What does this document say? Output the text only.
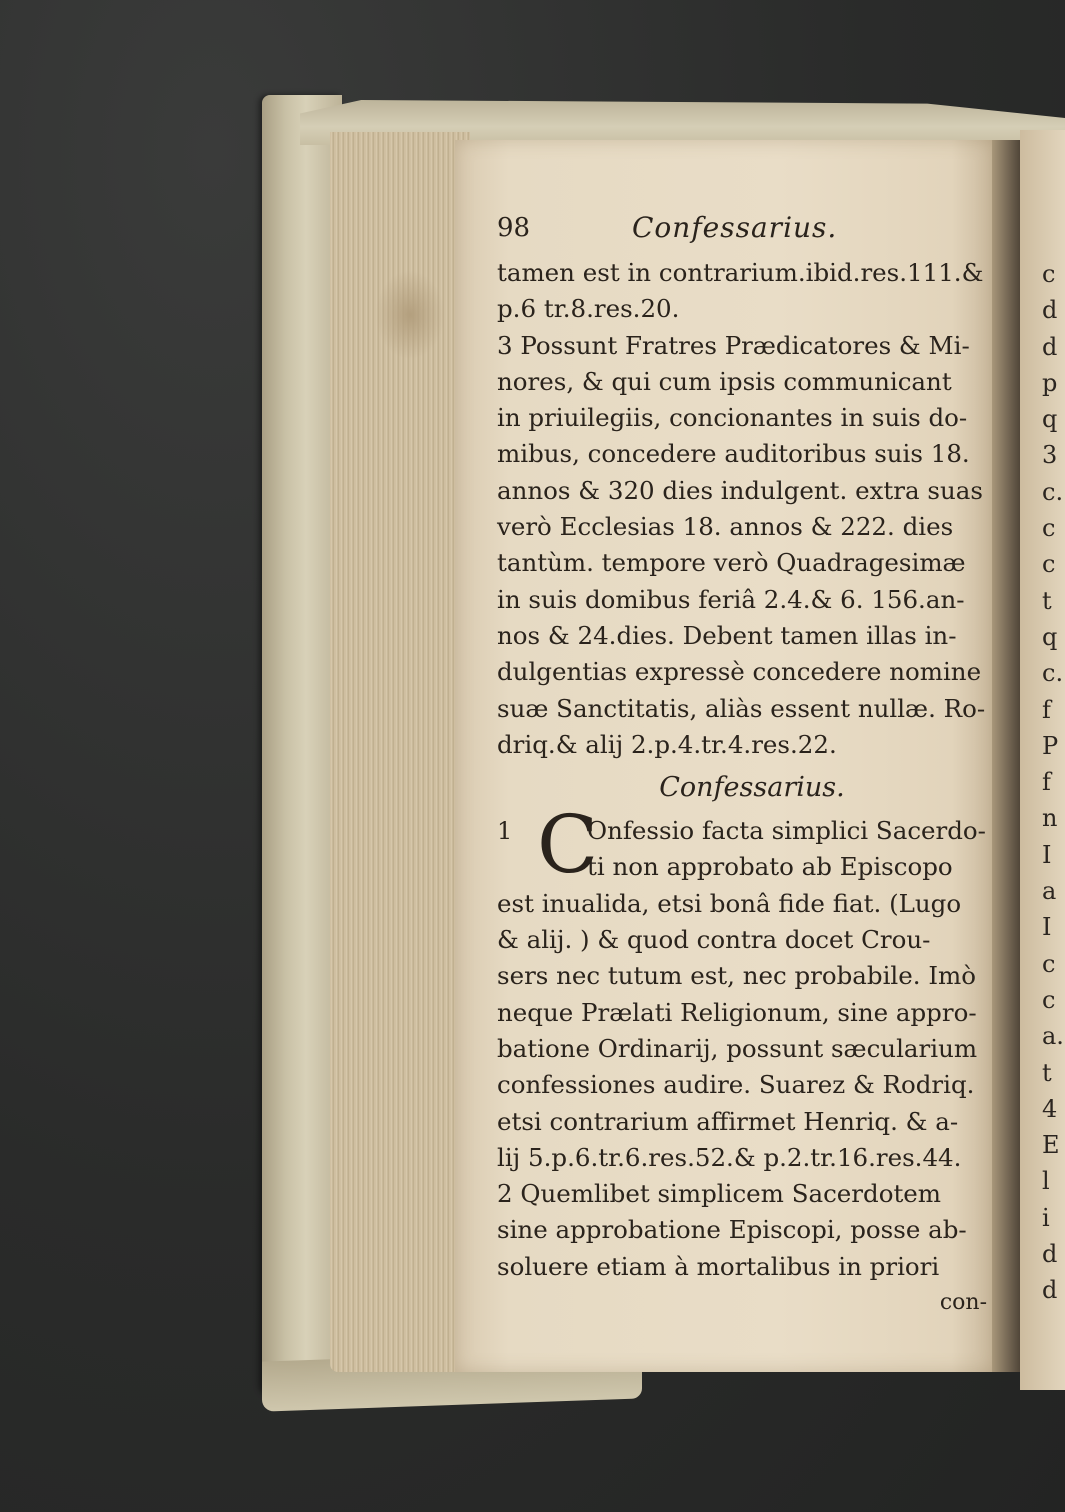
c
d
d
p
q
3
c.
c
c
t
q
c.
f
P
f
n
I
a
I
c
c
a.
t
4
E
l
i
d
d
98	Confessarius.
tamen est in contrarium.ibid.res.111.&
p.6 tr.8.res.20.
3 Possunt Fratres Prædicatores & Mi-
nores, & qui cum ipsis communicant
in priuilegiis, concionantes in suis do-
mibus, concedere auditoribus suis 18.
annos & 320 dies indulgent. extra suas
verò Ecclesias 18. annos & 222. dies
tantùm. tempore verò Quadragesimæ
in suis domibus feriâ 2.4.& 6. 156.an-
nos & 24.dies. Debent tamen illas in-
dulgentias expressè concedere nomine
suæ Sanctitatis, aliàs essent nullæ. Ro-
driq.& alij 2.p.4.tr.4.res.22.
Confessarius.
1 C
Onfessio facta simplici Sacerdo-
ti non approbato ab Episcopo
est inualida, etsi bonâ fide fiat. (Lugo
& alij. ) & quod contra docet Crou-
sers nec tutum est, nec probabile. Imò
neque Prælati Religionum, sine appro-
batione Ordinarij, possunt sæcularium
confessiones audire. Suarez & Rodriq.
etsi contrarium affirmet Henriq. & a-
lij 5.p.6.tr.6.res.52.& p.2.tr.16.res.44.
2 Quemlibet simplicem Sacerdotem
sine approbatione Episcopi, posse ab-
soluere etiam à mortalibus in priori
con-
